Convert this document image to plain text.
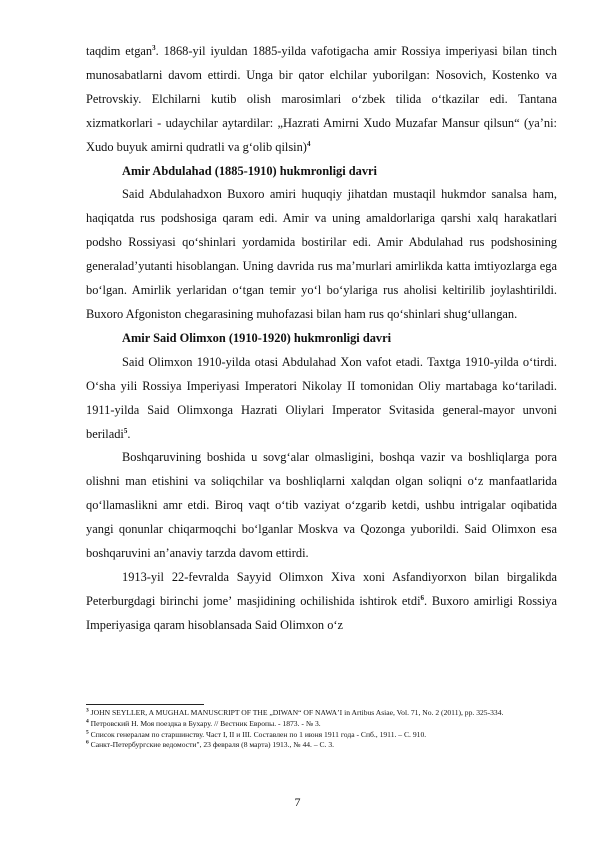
taqdim etgan$^3$. 1868-yil iyuldan 1885-yilda vafotigacha amir Rossiya imperiyasi bilan tinch munosabatlarni davom ettirdi. Unga bir qator elchilar yuborilgan: Nosovich, Kostenko va Petrovskiy. Elchilarni kutib olish marosimlari oʻzbek tilida oʻtkazilar edi. Tantana xizmatkorlari - udaychilar aytardilar: „Hazrati Amirni Xudo Muzafar Mansur qilsun“ (yaʼni: Xudo buyuk amirni qudratli va gʻolib qilsin)$^4$

Amir Abdulahad (1885-1910) hukmronligi davri

Said Abdulahadxon Buxoro amiri huquqiy jihatdan mustaqil hukmdor sanalsa ham, haqiqatda rus podshosiga qaram edi. Amir va uning amaldorlariga qarshi xalq harakatlari podsho Rossiyasi qoʻshinlari yordamida bostirilar edi. Amir Abdulahad rus podshosining generaladʼyutanti hisoblangan. Uning davrida rus maʼmurlari amirlikda katta imtiyozlarga ega boʻlgan. Amirlik yerlaridan oʻtgan temir yoʻl boʻylariga rus aholisi keltirilib joylashtirildi. Buxoro Afgoniston chegarasining muhofazasi bilan ham rus qoʻshinlari shugʻullangan.

Amir Said Olimxon (1910-1920) hukmronligi davri

Said Olimxon 1910-yilda otasi Abdulahad Xon vafot etadi. Taxtga 1910-yilda oʻtirdi. Oʻsha yili Rossiya Imperiyasi Imperatori Nikolay II tomonidan Oliy martabaga koʻtariladi. 1911-yilda Said Olimxonga Hazrati Oliylari Imperator Svitasida general-mayor unvoni beriladi$^5$.

Boshqaruvining boshida u sovgʻalar olmasligini, boshqa vazir va boshliqlarga pora olishni man etishini va soliqchilar va boshliqlarni xalqdan olgan soliqni oʻz manfaatlarida qoʻllamaslikni amr etdi. Biroq vaqt oʻtib vaziyat oʻzgarib ketdi, ushbu intrigalar oqibatida yangi qonunlar chiqarmoqchi boʻlganlar Moskva va Qozonga yuborildi. Said Olimxon esa boshqaruvini anʼanaviy tarzda davom ettirdi.

1913-yil 22-fevralda Sayyid Olimxon Xiva xoni Asfandiyorxon bilan birgalikda Peterburgdagi birinchi jomeʼ masjidining ochilishida ishtirok etdi$^6$. Buxoro amirligi Rossiya Imperiyasiga qaram hisoblansada Said Olimxon oʻz

$^3$ JOHN SEYLLER, A MUGHAL MANUSCRIPT OF THE „DIWAN“ OF NAWAʼI in Artibus Asiae, Vol. 71, No. 2 (2011), pp. 325-334.

$^4$ Петровский Н. Моя поездка в Бухару. // Вестник Европы. - 1873. - № 3.

$^5$ Список генералам по старшинству. Част I, II и III. Составлен по 1 июня 1911 года - Спб., 1911. – С. 910.

$^6$ Санкт-Петербургские ведомости", 23 февраля (8 марта) 1913., № 44. – С. 3.

7
